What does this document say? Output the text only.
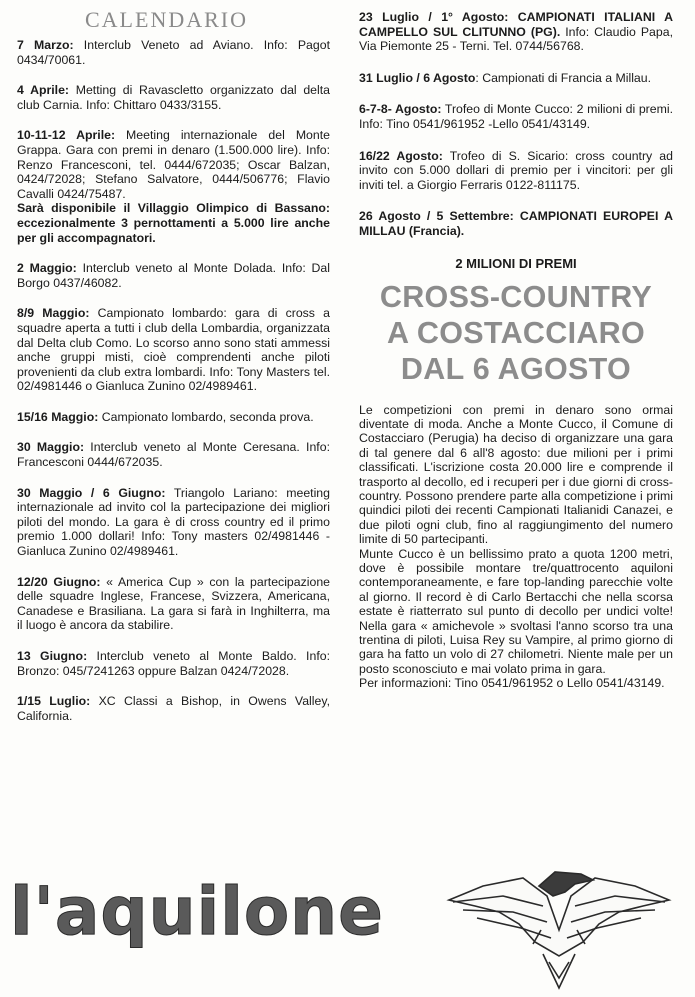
CALENDARIO
7 Marzo: Interclub Veneto ad Aviano. Info: Pagot 0434/70061.
4 Aprile: Metting di Ravascletto organizzato dal delta club Carnia. Info: Chittaro 0433/3155.
10-11-12 Aprile: Meeting internazionale del Monte Grappa. Gara con premi in denaro (1.500.000 lire). Info: Renzo Francesconi, tel. 0444/672035; Oscar Balzan, 0424/72028; Stefano Salvatore, 0444/506776; Flavio Cavalli 0424/75487.
Sarà disponibile il Villaggio Olimpico di Bassano: eccezionalmente 3 pernottamenti a 5.000 lire anche per gli accompagnatori.
2 Maggio: Interclub veneto al Monte Dolada. Info: Dal Borgo 0437/46082.
8/9 Maggio: Campionato lombardo: gara di cross a squadre aperta a tutti i club della Lombardia, organizzata dal Delta club Como. Lo scorso anno sono stati ammessi anche gruppi misti, cioè comprendenti anche piloti provenienti da club extra lombardi. Info: Tony Masters tel. 02/4981446 o Gianluca Zunino 02/4989461.
15/16 Maggio: Campionato lombardo, seconda prova.
30 Maggio: Interclub veneto al Monte Ceresana. Info: Francesconi 0444/672035.
30 Maggio / 6 Giugno: Triangolo Lariano: meeting internazionale ad invito col la partecipazione dei migliori piloti del mondo. La gara è di cross country ed il primo premio 1.000 dollari! Info: Tony masters 02/4981446 -Gianluca Zunino 02/4989461.
12/20 Giugno: « America Cup » con la partecipazione delle squadre Inglese, Francese, Svizzera, Americana, Canadese e Brasiliana. La gara si farà in Inghilterra, ma il luogo è ancora da stabilire.
13 Giugno: Interclub veneto al Monte Baldo. Info: Bronzo: 045/7241263 oppure Balzan 0424/72028.
1/15 Luglio: XC Classi a Bishop, in Owens Valley, California.
23 Luglio / 1° Agosto: CAMPIONATI ITALIANI A CAMPELLO SUL CLITUNNO (PG). Info: Claudio Papa, Via Piemonte 25 - Terni. Tel. 0744/56768.
31 Luglio / 6 Agosto: Campionati di Francia a Millau.
6-7-8- Agosto: Trofeo di Monte Cucco: 2 milioni di premi. Info: Tino 0541/961952 -Lello 0541/43149.
16/22 Agosto: Trofeo di S. Sicario: cross country ad invito con 5.000 dollari di premio per i vincitori: per gli inviti tel. a Giorgio Ferraris 0122-811175.
26 Agosto / 5 Settembre: CAMPIONATI EUROPEI A MILLAU (Francia).
2 MILIONI DI PREMI
CROSS-COUNTRY
A COSTACCIARO
DAL 6 AGOSTO

Le competizioni con premi in denaro sono ormai diventate di moda. Anche a Monte Cucco, il Comune di Costacciaro (Perugia) ha deciso di organizzare una gara di tal genere dal 6 all'8 agosto: due milioni per i primi classificati. L'iscrizione costa 20.000 lire e comprende il trasporto al decollo, ed i recuperi per i due giorni di cross-country. Possono prendere parte alla competizione i primi quindici piloti dei recenti Campionati Italianidi Canazei, e due piloti ogni club, fino al raggiungimento del numero limite di 50 partecipanti.

Munte Cucco è un bellissimo prato a quota 1200 metri, dove è possibile montare tre/quattrocento aquiloni contemporaneamente, e fare top-landing parecchie volte al giorno. Il record è di Carlo Bertacchi che nella scorsa estate è riatterrato sul punto di decollo per undici volte! Nella gara « amichevole » svoltasi l'anno scorso tra una trentina di piloti, Luisa Rey su Vampire, al primo giorno di gara ha fatto un volo di 27 chilometri. Niente male per un posto sconosciuto e mai volato prima in gara.

Per informazioni: Tino 0541/961952 o Lello 0541/43149.

l'aquilone
